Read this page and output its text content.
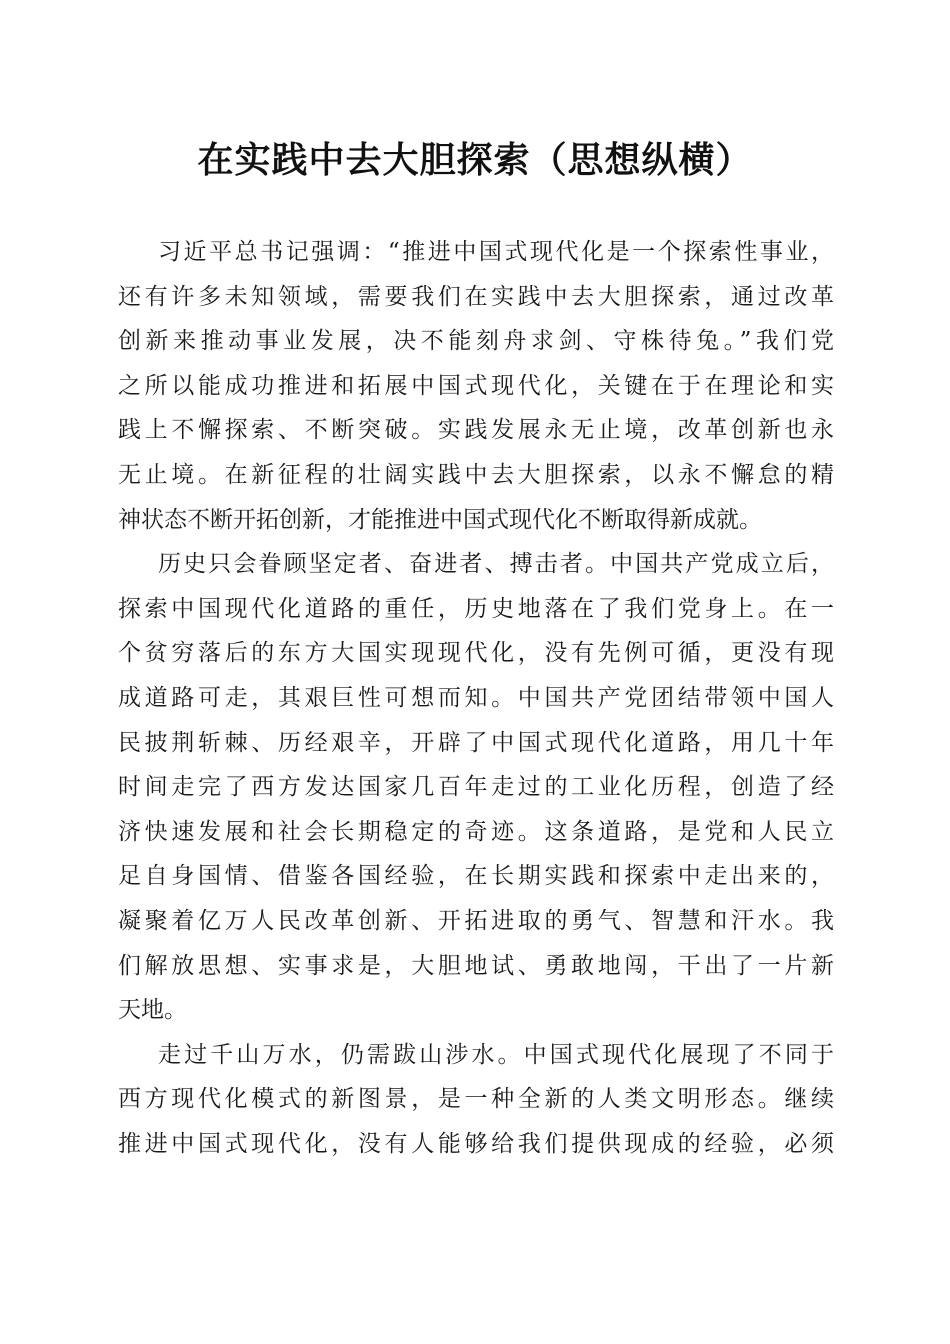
在实践中去大胆探索（思想纵横）
习近平总书记强调：“推进中国式现代化是一个探索性事业，
还有许多未知领域，需要我们在实践中去大胆探索，通过改革
创新来推动事业发展，决不能刻舟求剑、守株待兔。”我们党
之所以能成功推进和拓展中国式现代化，关键在于在理论和实
践上不懈探索、不断突破。实践发展永无止境，改革创新也永
无止境。在新征程的壮阔实践中去大胆探索，以永不懈怠的精
神状态不断开拓创新，才能推进中国式现代化不断取得新成就。
历史只会眷顾坚定者、奋进者、搏击者。中国共产党成立后，
探索中国现代化道路的重任，历史地落在了我们党身上。在一
个贫穷落后的东方大国实现现代化，没有先例可循，更没有现
成道路可走，其艰巨性可想而知。中国共产党团结带领中国人
民披荆斩棘、历经艰辛，开辟了中国式现代化道路，用几十年
时间走完了西方发达国家几百年走过的工业化历程，创造了经
济快速发展和社会长期稳定的奇迹。这条道路，是党和人民立
足自身国情、借鉴各国经验，在长期实践和探索中走出来的，
凝聚着亿万人民改革创新、开拓进取的勇气、智慧和汗水。我
们解放思想、实事求是，大胆地试、勇敢地闯，干出了一片新
天地。
走过千山万水，仍需跋山涉水。中国式现代化展现了不同于
西方现代化模式的新图景，是一种全新的人类文明形态。继续
推进中国式现代化，没有人能够给我们提供现成的经验，必须
